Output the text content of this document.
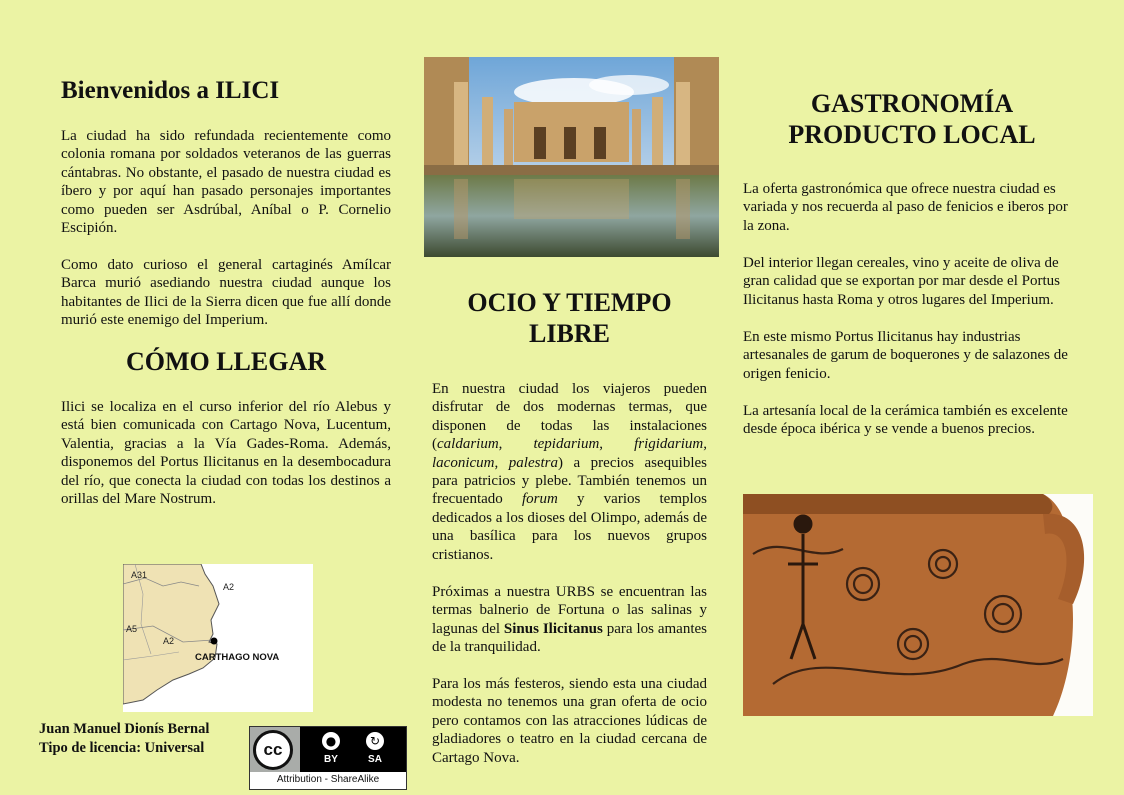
Bienvenidos a ILICI

La ciudad ha sido refundada recientemente como colonia romana por soldados veteranos de las guerras cántabras. No obstante, el pasado de nuestra ciudad es íbero y por aquí han pasado personajes importantes como pueden ser Asdrúbal, Aníbal o P. Cornelio Escipión.

Como dato curioso el general cartaginés Amílcar Barca murió asediando nuestra ciudad aunque los habitantes de Ilici de la Sierra dicen que fue allí donde murió este enemigo del Imperium.

CÓMO LLEGAR

Ilici se localiza en el curso inferior del río Alebus y está bien comunicada con Cartago Nova, Lucentum, Valentia, gracias a la Vía Gades-Roma. Además, disponemos del Portus Ilicitanus en la desembocadura del río, que conecta la ciudad con todas los destinos a orillas del Mare Nostrum.

A31
A2
A5
A2
CARTHAGO NOVA
Juan Manuel Dionís Bernal
Tipo de licencia: Universal	cc	●	↻
BY	SA
Attribution - ShareAlike
OCIO Y TIEMPO
LIBRE

En nuestra ciudad los viajeros pueden disfrutar de dos modernas termas, que disponen de todas las instalaciones (caldarium, tepidarium, frigidarium, laconicum, palestra) a precios asequibles para patricios y plebe. También tenemos un frecuentado forum y varios templos dedicados a los dioses del Olimpo, además de una basílica para los nuevos grupos cristianos.

Próximas a nuestra URBS se encuentran las termas balnerio de Fortuna o las salinas y lagunas del Sinus Ilicitanus para los amantes de la tranquilidad.

Para los más festeros, siendo esta una ciudad modesta no tenemos una gran oferta de ocio pero contamos con las atracciones lúdicas de gladiadores o teatro en la ciudad cercana de Cartago Nova.

GASTRONOMÍA
PRODUCTO LOCAL

La oferta gastronómica que ofrece nuestra ciudad es variada y nos recuerda al paso de fenicios e iberos por la zona.

Del interior llegan cereales, vino y aceite de oliva de gran calidad que se exportan por mar desde el Portus Ilicitanus hasta Roma y otros lugares del Imperium.

En este mismo Portus Ilicitanus hay industrias artesanales de garum de boquerones y de salazones de origen fenicio.

La artesanía local de la cerámica también es excelente desde época ibérica y se vende a buenos precios.
